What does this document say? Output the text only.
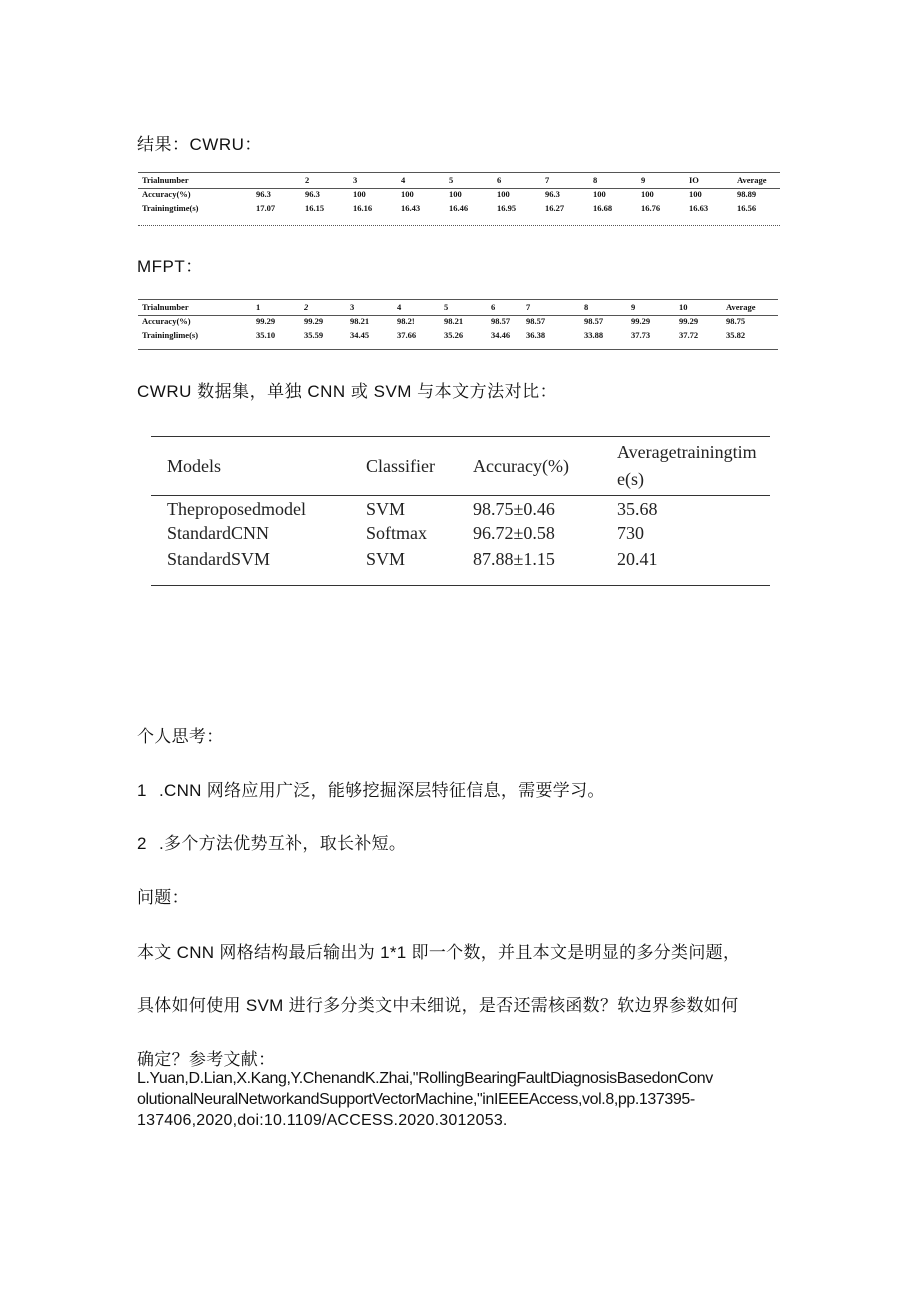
结果：CWRU：
Trialnumber		2	3	4	5	6	7	8	9	IO	Average
Accuracy(%)	96.3	96.3	100	100	100	100	96.3	100	100	100	98.89
Trainingtime(s)	17.07	16.15	16.16	16.43	16.46	16.95	16.27	16.68	16.76	16.63	16.56
MFPT：
Trialnumber	1	2	3	4	5	6	7	8	9	10	Average
Accuracy(%)	99.29	99.29	98.21	98.2!	98.21	98.57	98.57	98.57	99.29	99.29	98.75
Traininglime(s)	35.10	35.59	34.45	37.66	35.26	34.46	36.38	33.88	37.73	37.72	35.82
CWRU 数据集，单独 CNN 或 SVM 与本文方法对比：
Models	Classifier	Accuracy(%)	Averagetrainingtim
e(s)

Theproposedmodel	SVM	98.75±0.46	35.68
StandardCNN	Softmax	96.72±0.58	730
StandardSVM	SVM	87.88±1.15	20.41
个人思考：
1 .CNN 网络应用广泛，能够挖掘深层特征信息，需要学习。
2 .多个方法优势互补，取长补短。
问题：
本文 CNN 网格结构最后输出为 1*1 即一个数，并且本文是明显的多分类问题，
具体如何使用 SVM 进行多分类文中未细说，是否还需核函数？软边界参数如何
确定？参考文献：
L.Yuan,D.Lian,X.Kang,Y.ChenandK.Zhai,"RollingBearingFaultDiagnosisBasedonConv
olutionalNeuralNetworkandSupportVectorMachine,"inIEEEAccess,vol.8,pp.137395-
137406,2020,doi:10.1109/ACCESS.2020.3012053.
